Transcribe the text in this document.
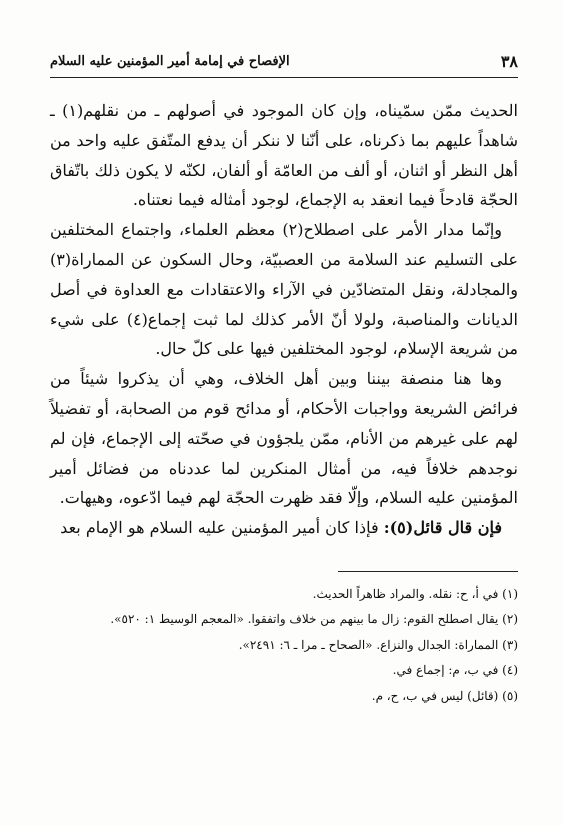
٣٨
الإفصاح في إمامة أمير المؤمنين عليه السلام

الحديث ممّن سمّيناه، وإن كان الموجود في أصولهم ـ من نقلهم(١) ـ شاهداً عليهم بما ذكرناه، على أنّنا لا ننكر أن يدفع المتّفق عليه واحد من أهل النظر أو اثنان، أو ألف من العامّة أو ألفان، لكنّه لا يكون ذلك باتّفاق الحجّة قادحاً فيما انعقد به الإجماع، لوجود أمثاله فيما نعتناه.

وإنّما مدار الأمر على اصطلاح(٢) معظم العلماء، واجتماع المختلفين على التسليم عند السلامة من العصبيّة، وحال السكون عن المماراة(٣) والمجادلة، ونقل المتضادّين في الآراء والاعتقادات مع العداوة في أصل الديانات والمناصبة، ولولا أنّ الأمر كذلك لما ثبت إجماع(٤) على شيء من شريعة الإسلام، لوجود المختلفين فيها على كلّ حال.

وها هنا منصفة بيننا وبين أهل الخلاف، وهي أن يذكروا شيئاً من فرائض الشريعة وواجبات الأحكام، أو مدائح قوم من الصحابة، أو تفضيلاً لهم على غيرهم من الأنام، ممّن يلجؤون في صحّته إلى الإجماع، فإن لم نوجدهم خلافاً فيه، من أمثال المنكرين لما عددناه من فضائل أمير المؤمنين عليه السلام، وإلّا فقد ظهرت الحجّة لهم فيما ادّعوه، وهيهات.

فإن قال قائل(٥): فإذا كان أمير المؤمنين عليه السلام هو الإمام بعد

(١) في أ، ح: نقله. والمراد ظاهراً الحديث.
(٢) يقال اصطلح القوم: زال ما بينهم من خلاف واتفقوا. «المعجم الوسيط ١: ٥٢٠».
(٣) المماراة: الجدال والنزاع. «الصحاح ـ مرا ـ ٦: ٢٤٩١».
(٤) في ب، م: إجماع في.
(٥) (قائل) ليس في ب، ح، م.
